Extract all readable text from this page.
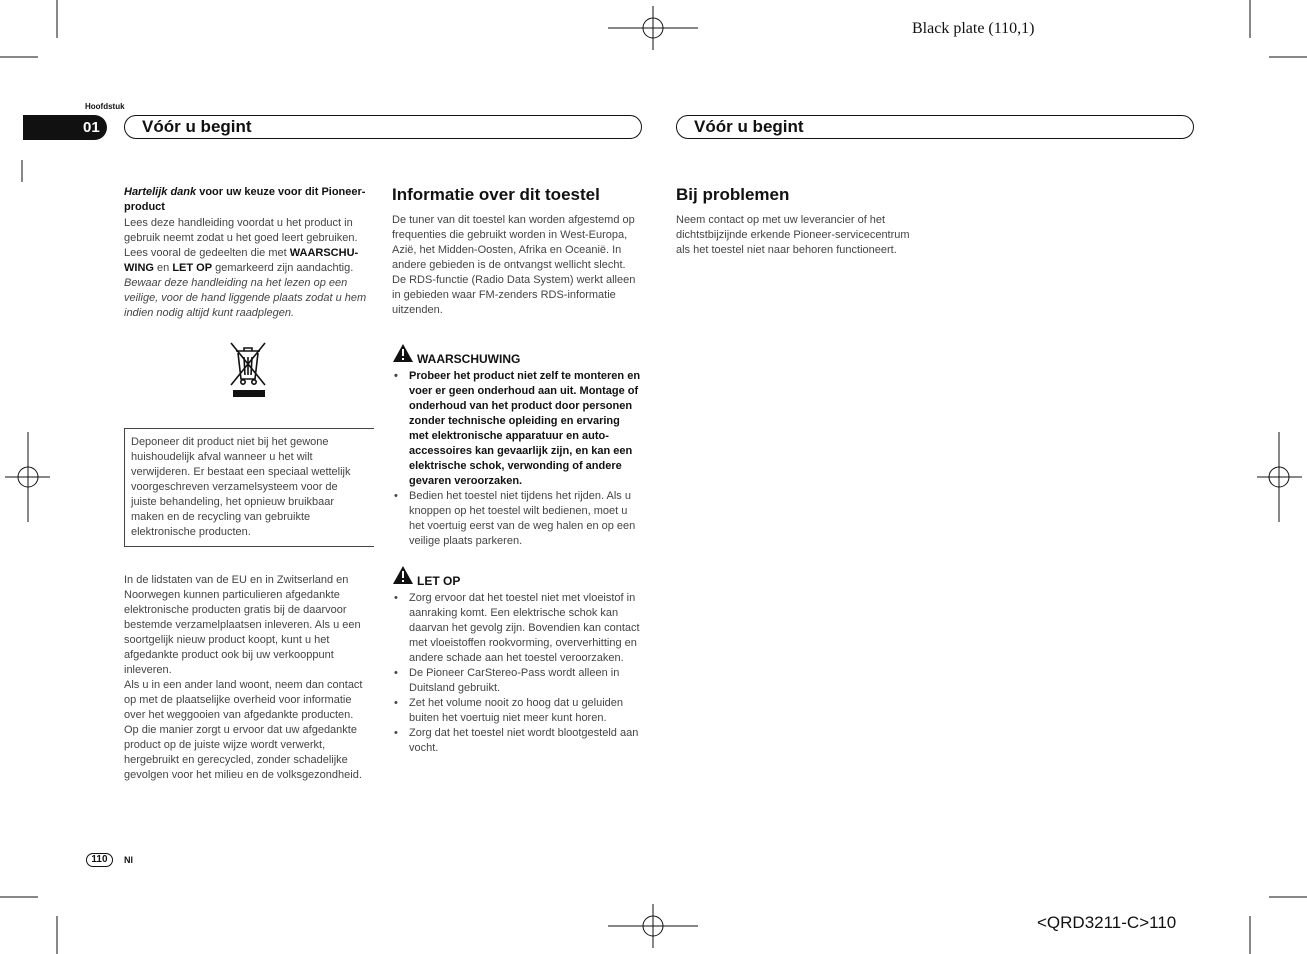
Black plate (110,1)
<QRD3211-C>110
Hoofdstuk
01	Vóór u begint	Vóór u begint

Hartelijk dank voor uw keuze voor dit Pioneer-product

Lees deze handleiding voordat u het product in gebruik neemt zodat u het goed leert gebruiken. Lees vooral de gedeelten die met WAARSCHU-WING en LET OP gemarkeerd zijn aandachtig.

Bewaar deze handleiding na het lezen op een veilige, voor de hand liggende plaats zodat u hem indien nodig altijd kunt raadplegen.

Deponeer dit product niet bij het gewone huishoudelijk afval wanneer u het wilt verwijderen. Er bestaat een speciaal wettelijk voorgeschreven verzamelsysteem voor de juiste behandeling, het opnieuw bruikbaar maken en de recycling van gebruikte elektronische producten.

In de lidstaten van de EU en in Zwitserland en Noorwegen kunnen particulieren afgedankte elektronische producten gratis bij de daarvoor bestemde verzamelplaatsen inleveren. Als u een soortgelijk nieuw product koopt, kunt u het afgedankte product ook bij uw verkooppunt inleveren.

Als u in een ander land woont, neem dan contact op met de plaatselijke overheid voor informatie over het weggooien van afgedankte producten.

Op die manier zorgt u ervoor dat uw afgedankte product op de juiste wijze wordt verwerkt, hergebruikt en gerecycled, zonder schadelijke gevolgen voor het milieu en de volksgezondheid.

Informatie over dit toestel

De tuner van dit toestel kan worden afgestemd op frequenties die gebruikt worden in West-Europa, Azië, het Midden-Oosten, Afrika en Oceanië. In andere gebieden is de ontvangst wellicht slecht. De RDS-functie (Radio Data System) werkt alleen in gebieden waar FM-zenders RDS-informatie uitzenden.

WAARSCHUWING
• Probeer het product niet zelf te monteren en voer er geen onderhoud aan uit. Montage of onderhoud van het product door personen zonder technische opleiding en ervaring met elektronische apparatuur en auto-accessoires kan gevaarlijk zijn, en kan een elektrische schok, verwonding of andere gevaren veroorzaken.
• Bedien het toestel niet tijdens het rijden. Als u knoppen op het toestel wilt bedienen, moet u het voertuig eerst van de weg halen en op een veilige plaats parkeren.
LET OP
• Zorg ervoor dat het toestel niet met vloeistof in aanraking komt. Een elektrische schok kan daarvan het gevolg zijn. Bovendien kan contact met vloeistoffen rookvorming, oververhitting en andere schade aan het toestel veroorzaken.
• De Pioneer CarStereo-Pass wordt alleen in Duitsland gebruikt.
• Zet het volume nooit zo hoog dat u geluiden buiten het voertuig niet meer kunt horen.
• Zorg dat het toestel niet wordt blootgesteld aan vocht.
Bij problemen

Neem contact op met uw leverancier of het dichtstbijzijnde erkende Pioneer-servicecentrum als het toestel niet naar behoren functioneert.

110	Nl
